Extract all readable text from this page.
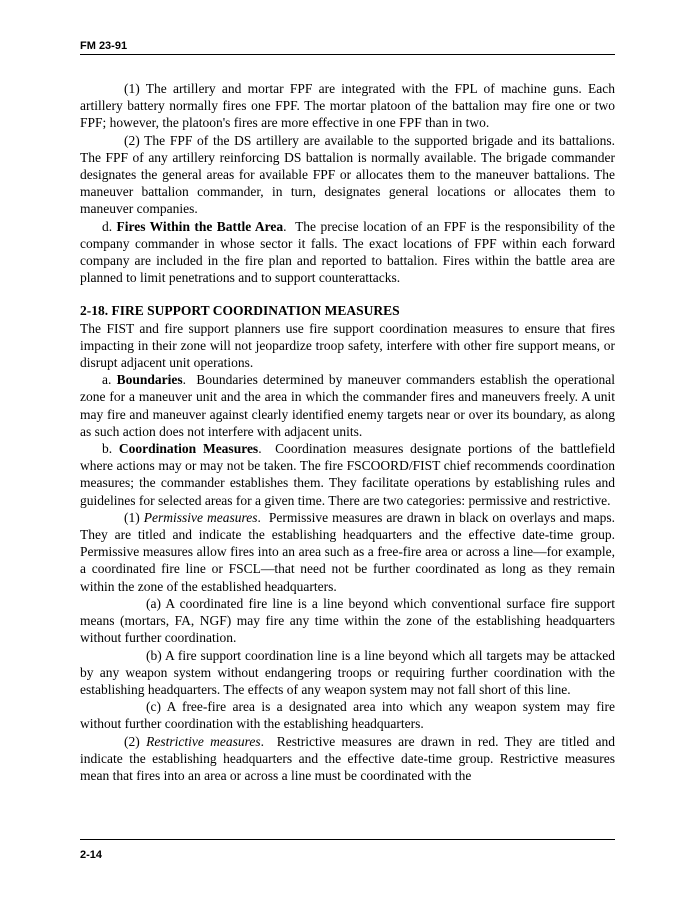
FM 23-91

(1) The artillery and mortar FPF are integrated with the FPL of machine guns. Each artillery battery normally fires one FPF. The mortar platoon of the battalion may fire one or two FPF; however, the platoon's fires are more effective in one FPF than in two.

(2) The FPF of the DS artillery are available to the supported brigade and its battalions. The FPF of any artillery reinforcing DS battalion is normally available. The brigade commander designates the general areas for available FPF or allocates them to the maneuver battalions. The maneuver battalion commander, in turn, designates general locations or allocates them to maneuver companies.

d. Fires Within the Battle Area.  The precise location of an FPF is the responsibility of the company commander in whose sector it falls. The exact locations of FPF within each forward company are included in the fire plan and reported to battalion. Fires within the battle area are planned to limit penetrations and to support counterattacks.

2-18. FIRE SUPPORT COORDINATION MEASURES

The FIST and fire support planners use fire support coordination measures to ensure that fires impacting in their zone will not jeopardize troop safety, interfere with other fire support means, or disrupt adjacent unit operations.

a. Boundaries.  Boundaries determined by maneuver commanders establish the operational zone for a maneuver unit and the area in which the commander fires and maneuvers freely. A unit may fire and maneuver against clearly identified enemy targets near or over its boundary, as along as such action does not interfere with adjacent units.

b. Coordination Measures.  Coordination measures designate portions of the battlefield where actions may or may not be taken. The fire FSCOORD/FIST chief recommends coordination measures; the commander establishes them. They facilitate operations by establishing rules and guidelines for selected areas for a given time. There are two categories: permissive and restrictive.

(1) Permissive measures.  Permissive measures are drawn in black on overlays and maps. They are titled and indicate the establishing headquarters and the effective date-time group. Permissive measures allow fires into an area such as a free-fire area or across a line—for example, a coordinated fire line or FSCL—that need not be further coordinated as long as they remain within the zone of the established headquarters.

(a) A coordinated fire line is a line beyond which conventional surface fire support means (mortars, FA, NGF) may fire any time within the zone of the establishing headquarters without further coordination.

(b) A fire support coordination line is a line beyond which all targets may be attacked by any weapon system without endangering troops or requiring further coordination with the establishing headquarters. The effects of any weapon system may not fall short of this line.

(c) A free-fire area is a designated area into which any weapon system may fire without further coordination with the establishing headquarters.

(2) Restrictive measures.  Restrictive measures are drawn in red. They are titled and indicate the establishing headquarters and the effective date-time group. Restrictive measures mean that fires into an area or across a line must be coordinated with the

2-14
